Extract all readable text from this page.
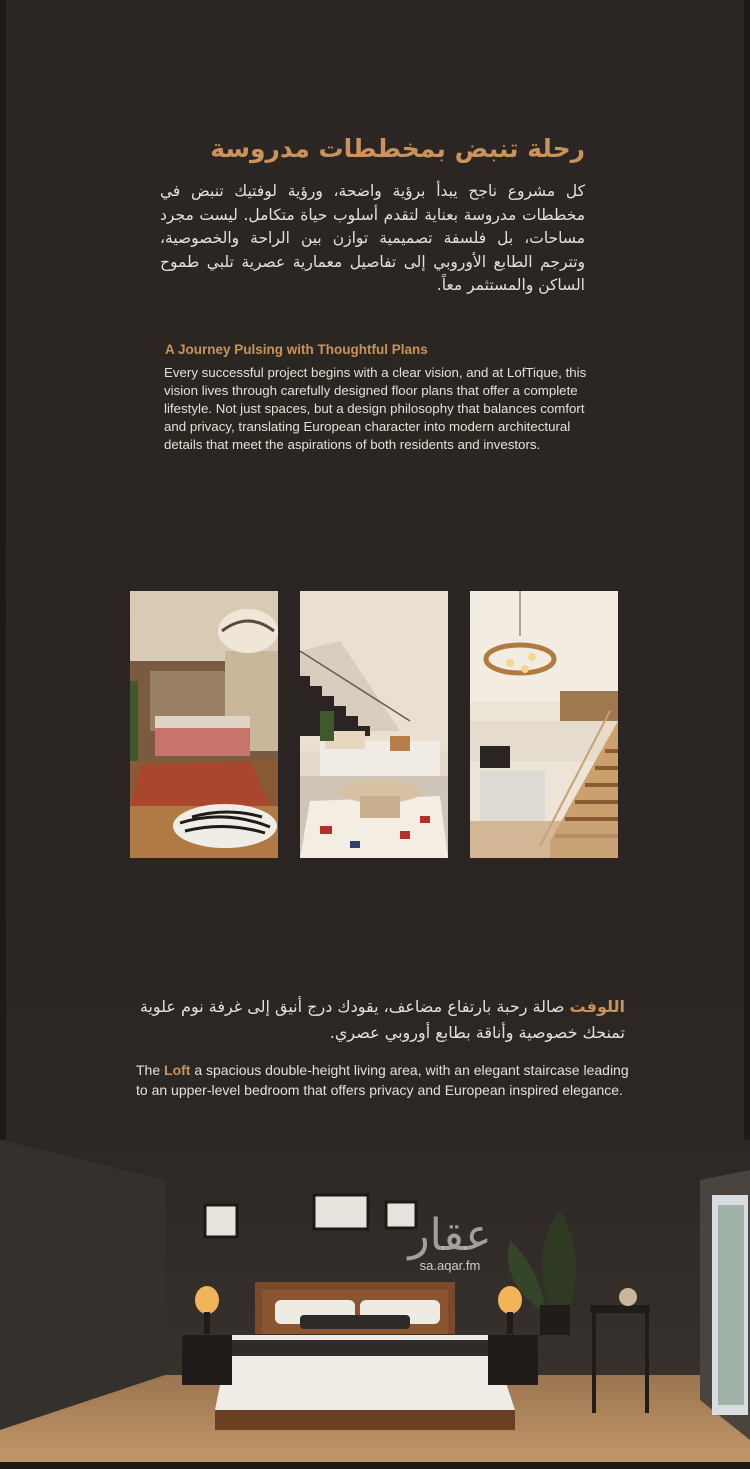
رحلة تنبض بمخططات مدروسة
كل مشروع ناجح يبدأ برؤية واضحة، ورؤية لوفتيك تنبض في مخططات مدروسة بعناية لتقدم أسلوب حياة متكامل. ليست مجرد مساحات، بل فلسفة تصميمية توازن بين الراحة والخصوصية، وتترجم الطابع الأوروبي إلى تفاصيل معمارية عصرية تلبي طموح الساكن والمستثمر معاً.
A Journey Pulsing with Thoughtful Plans
Every successful project begins with a clear vision, and at LofTique, this vision lives through carefully designed floor plans that offer a complete lifestyle. Not just spaces, but a design philosophy that balances comfort and privacy, translating European character into modern architectural details that meet the aspirations of both residents and investors.
اللوفت صالة رحبة بارتفاع مضاعف، يقودك درج أنيق إلى غرفة نوم علوية تمنحك خصوصية وأناقة بطابع أوروبي عصري.
The Loft a spacious double-height living area, with an elegant staircase leading to an upper-level bedroom that offers privacy and European inspired elegance.
عقار
sa.aqar.fm
